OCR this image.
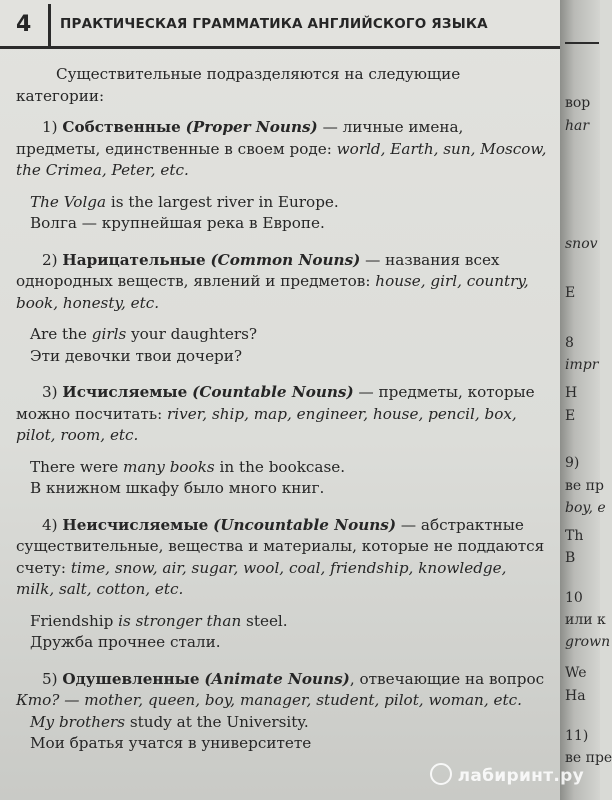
4 ПРАКТИЧЕСКАЯ ГРАММАТИКА АНГЛИЙСКОГО ЯЗЫКА

Существительные подразделяются на следующие категории:

1) Собственные (Proper Nouns) — личные имена, предметы, единственные в своем роде: world, Earth, sun, Moscow, the Crimea, Peter, etc.

The Volga is the largest river in Europe.

Волга — крупнейшая река в Европе.

2) Нарицательные (Common Nouns) — названия всех однородных веществ, явлений и предметов: house, girl, country, book, honesty, etc.

Are the girls your daughters?

Эти девочки твои дочери?

3) Исчисляемые (Countable Nouns) — предметы, которые можно посчитать: river, ship, map, engineer, house, pencil, box, pilot, room, etc.

There were many books in the bookcase.

В книжном шкафу было много книг.

4) Неисчисляемые (Uncountable Nouns) — абстрактные существительные, вещества и материалы, которые не поддаются счету: time, snow, air, sugar, wool, coal, friendship, knowledge, milk, salt, cotton, etc.

Friendship is stronger than steel.

Дружба прочнее стали.

5) Одушевленные (Animate Nouns), отвечающие на вопрос Кто? — mother, queen, boy, manager, student, pilot, woman, etc.

My brothers study at the University.

Мои братья учатся в университете

вор
har
snov
E
8
impr
H
E
9)
ве пр
boy, e
Th
B
10
или к
grown
We
Ha
11)
ве пре
лабиринт.ру
